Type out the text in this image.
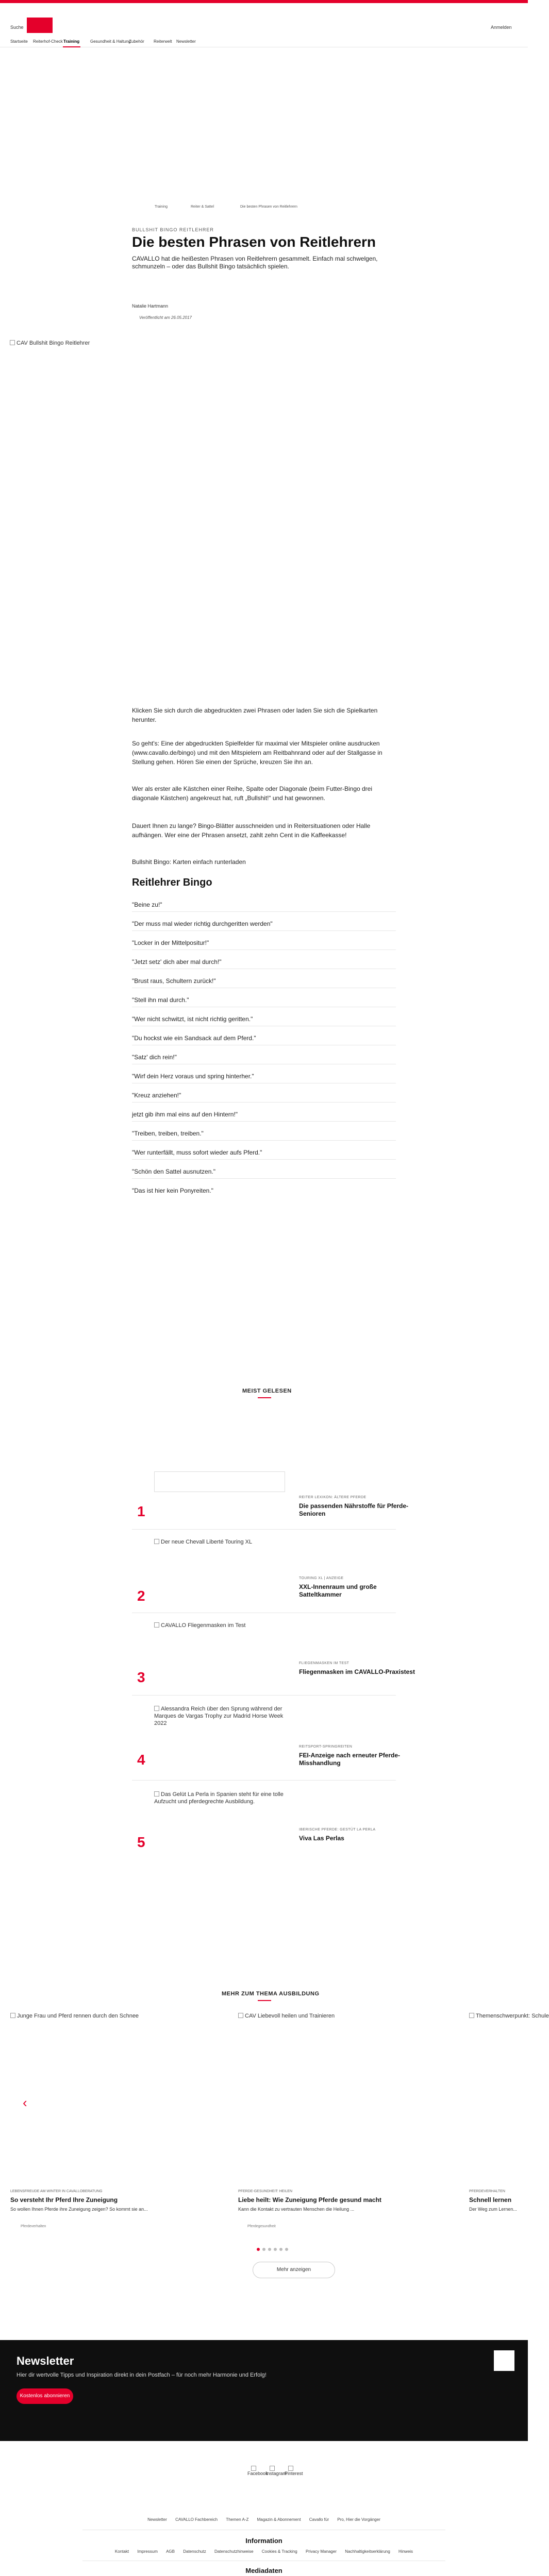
Suche	Anmelden
Startseite Reiterhof-Check Training	Gesundheit & Haltung
Zubehör Reiterwelt Newsletter
Training	Reiter & Sattel	Die besten Phrasen von Reitlehrern
BULLSHIT BINGO REITLEHRER
Die besten Phrasen von Reitlehrern

CAVALLO hat die heißesten Phrasen von Reitlehrern gesammelt. Einfach mal schwelgen, schmunzeln – oder das Bullshit Bingo tatsächlich spielen.

Natalie Hartmann
Veröffentlicht am 26.05.2017
CAV Bullshit Bingo Reitlehrer

Klicken Sie sich durch die abgedruckten zwei Phrasen oder laden Sie sich die Spielkarten herunter.

So geht's: Eine der abgedruckten Spielfelder für maximal vier Mitspieler online ausdrucken (www.cavallo.de/bingo) und mit den Mitspielern am Reitbahnrand oder auf der Stallgasse in Stellung gehen. Hören Sie einen der Sprüche, kreuzen Sie ihn an.

Wer als erster alle Kästchen einer Reihe, Spalte oder Diagonale (beim Futter-Bingo drei diagonale Kästchen) angekreuzt hat, ruft „Bullshit!“ und hat gewonnen.

Dauert Ihnen zu lange? Bingo-Blätter ausschneiden und in Reitersituationen oder Halle aufhängen. Wer eine der Phrasen ansetzt, zahlt zehn Cent in die Kaffeekasse!

Bullshit Bingo: Karten einfach runterladen

Reitlehrer Bingo
"Beine zu!"
"Der muss mal wieder richtig durchgeritten werden"
"Locker in der Mittelpositur!"
"Jetzt setz' dich aber mal durch!"
"Brust raus, Schultern zurück!"
"Stell ihn mal durch."
"Wer nicht schwitzt, ist nicht richtig geritten."
"Du hockst wie ein Sandsack auf dem Pferd."
"Satz' dich rein!"
"Wirf dein Herz voraus und spring hinterher."
"Kreuz anziehen!"
jetzt gib ihm mal eins auf den Hintern!"
"Treiben, treiben, treiben."
"Wer runterfällt, muss sofort wieder aufs Pferd."
"Schön den Sattel ausnutzen."
"Das ist hier kein Ponyreiten."
MEIST GELESEN
1
REITER LEXIKON: ÄLTERE PFERDE
Die passenden Nährstoffe für Pferde-Senioren
Der neue Chevall Liberté Touring XL
2
TOURING XL | ANZEIGE
XXL-Innenraum und große Satteltkammer
CAVALLO Fliegenmasken im Test
3
FLIEGENMASKEN IM TEST
Fliegenmasken im CAVALLO-Praxistest
Alessandra Reich über den Sprung während der Marques de Vargas Trophy zur Madrid Horse Week 2022
4
REITSPORT-SPRINGREITEN
FEI-Anzeige nach erneuter Pferde-Misshandlung
Das Gelüt La Perla in Spanien steht für eine tolle Aufzucht und pferdegrechte Ausbildung.
5
IBERISCHE PFERDE: GESTÜT LA PERLA
Viva Las Perlas
MEHR ZUM THEMA AUSBILDUNG
‹
Junge Frau und Pferd rennen durch den Schnee	CAV Liebevoll heilen und Trainieren	Themenschwerpunkt: Schule
LEBENSFREUDE AM WINTER IN CAVALLOBERATUNG
So versteht Ihr Pferd Ihre Zuneigung
So wollen Ihnen Pferde ihre Zuneigung zeigen? So kommt sie an...
Pferdeverhalten
PFERDE-GESUNDHEIT: HEILEN
Liebe heilt: Wie Zuneigung Pferde gesund macht
Kann die Kontakt zu vertrauten Menschen die Heilung ...
Pferdegesundheit
PFERDEVERHALTEN
Schnell lernen
Der Weg zum Lernen...
Mehr anzeigen
Newsletter
Hier dir wertvolle Tipps und Inspiration direkt in dein Postfach – für noch mehr Harmonie und Erfolg!
Kostenlos abonnieren
Facebook
Instagram
Pinterest
Newsletter CAVALLO Fachbereich Themen A-Z Magazin & Abonnement Cavallo für Pro, Hier die Vorgänger
Information
Kontakt Impressum AGB Datenschutz Datenschutzhinweise Cookies & Tracking Privacy Manager Nachhaltigkeitserklärung Hinweis
Mediadaten
